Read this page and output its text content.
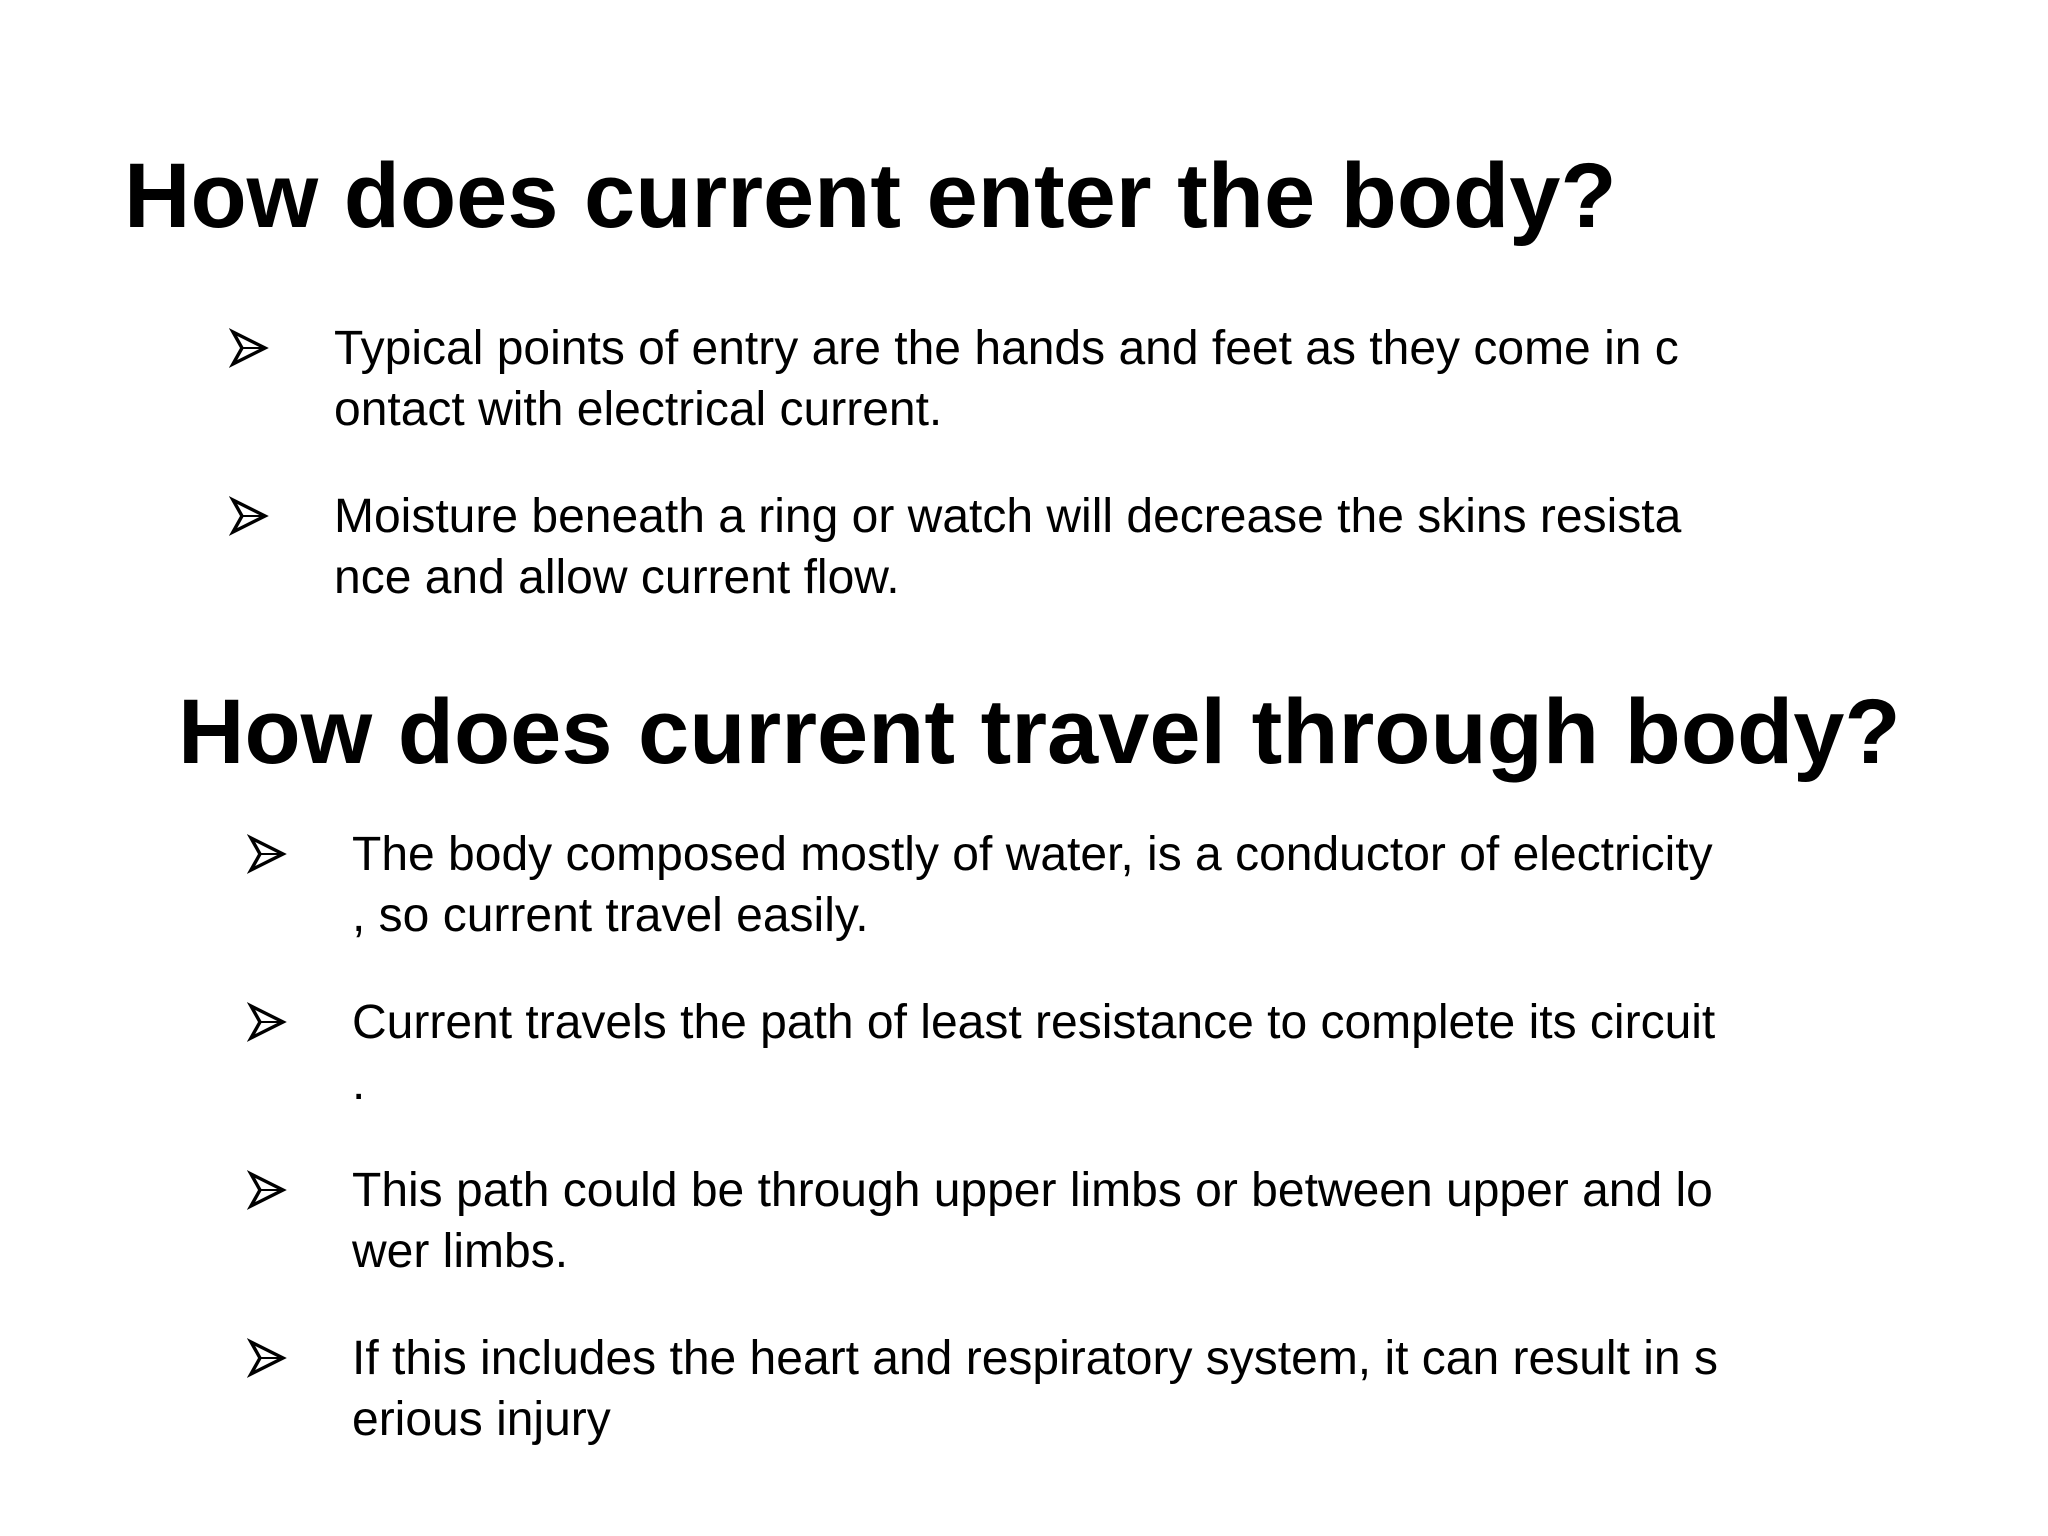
How does current enter the body?
Typical points of entry are the hands and feet as they come in c
ontact with electrical current.
Moisture beneath a ring or watch will decrease the skins resista
nce and allow current flow.
How does current travel through body?
The body composed mostly of water, is a conductor of electricity
, so current travel easily.
Current travels the path of least resistance to complete its circuit
.
This path could be through upper limbs or between upper and lo
wer limbs.
If this includes the heart and respiratory system, it can result in s
erious injury
